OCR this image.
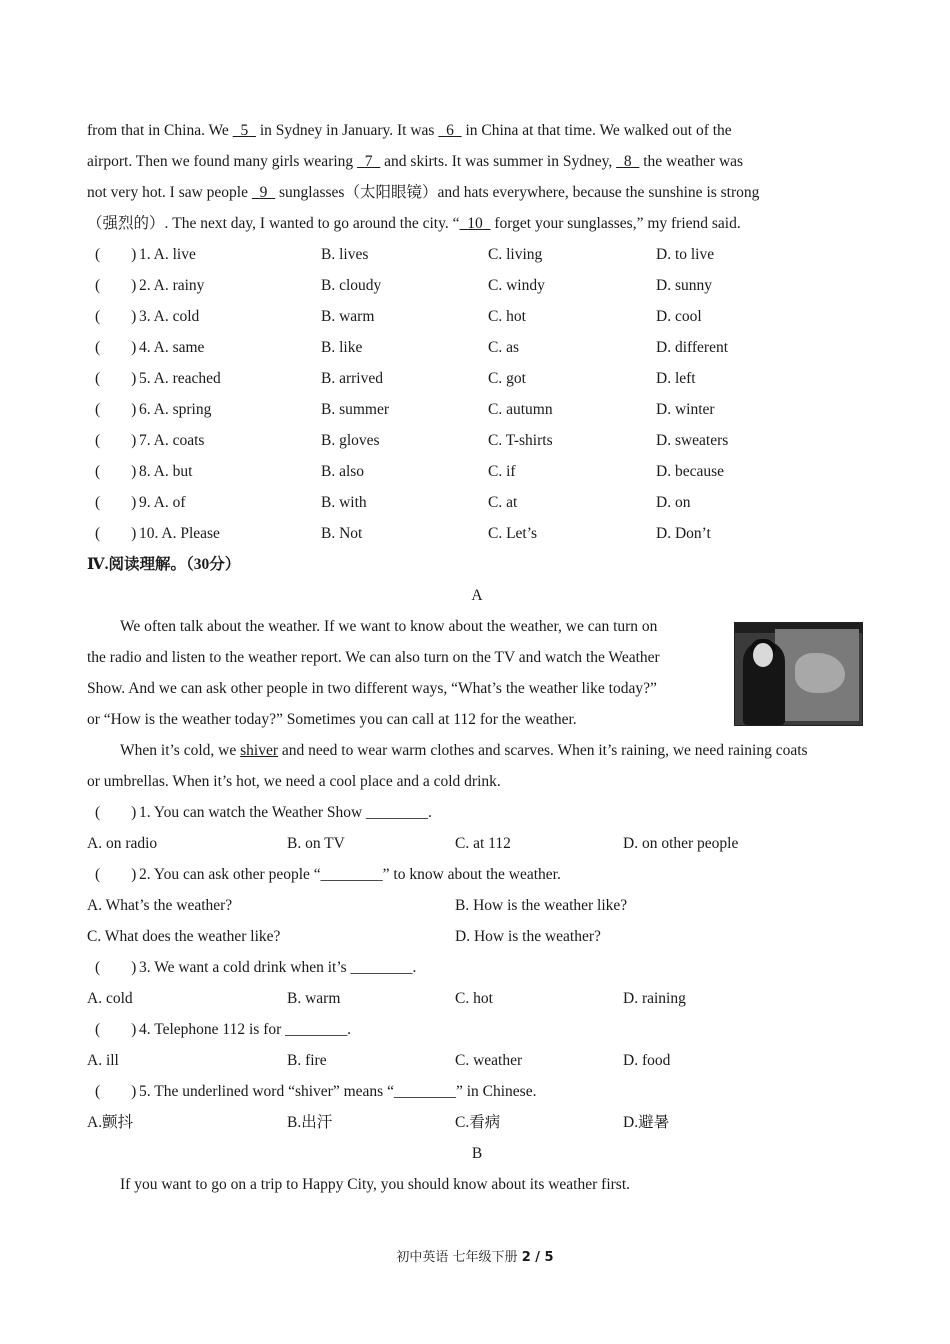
from that in China. We   5   in Sydney in January. It was   6   in China at that time. We walked out of the
airport. Then we found many girls wearing   7   and skirts. It was summer in Sydney,   8   the weather was
not very hot. I saw people   9   sunglasses（太阳眼镜）and hats everywhere, because the sunshine is strong
（强烈的）. The next day, I wanted to go around the city. “ 10   forget your sunglasses,” my friend said.
(　　) 1. A. live	B. lives	C. living	D. to live
(　　) 2. A. rainy	B. cloudy	C. windy	D. sunny
(　　) 3. A. cold	B. warm	C. hot	D. cool
(　　) 4. A. same	B. like	C. as	D. different
(　　) 5. A. reached	B. arrived	C. got	D. left
(　　) 6. A. spring	B. summer	C. autumn	D. winter
(　　) 7. A. coats	B. gloves	C. T-shirts	D. sweaters
(　　) 8. A. but	B. also	C. if	D. because
(　　) 9. A. of	B. with	C. at	D. on
(　　) 10. A. Please	B. Not	C. Let’s	D. Don’t
Ⅳ.阅读理解。（30分）
A
We often talk about the weather. If we want to know about the weather, we can turn on
the radio and listen to the weather report. We can also turn on the TV and watch the Weather
Show. And we can ask other people in two different ways, “What’s the weather like today?”
or “How is the weather today?” Sometimes you can call at 112 for the weather.
When it’s cold, we shiver and need to wear warm clothes and scarves. When it’s raining, we need raining coats
or umbrellas. When it’s hot, we need a cool place and a cold drink.
(　　) 1. You can watch the Weather Show ________.
A. on radio	B. on TV	C. at 112	D. on other people
(　　) 2. You can ask other people “________” to know about the weather.
A. What’s the weather?	B. How is the weather like?
C. What does the weather like?	D. How is the weather?
(　　) 3. We want a cold drink when it’s ________.
A. cold	B. warm	C. hot	D. raining
(　　) 4. Telephone 112 is for ________.
A. ill	B. fire	C. weather	D. food
(　　) 5. The underlined word “shiver” means “________” in Chinese.
A.颤抖	B.出汗	C.看病	D.避暑
B
If you want to go on a trip to Happy City, you should know about its weather first.
初中英语 七年级下册 2 / 5
